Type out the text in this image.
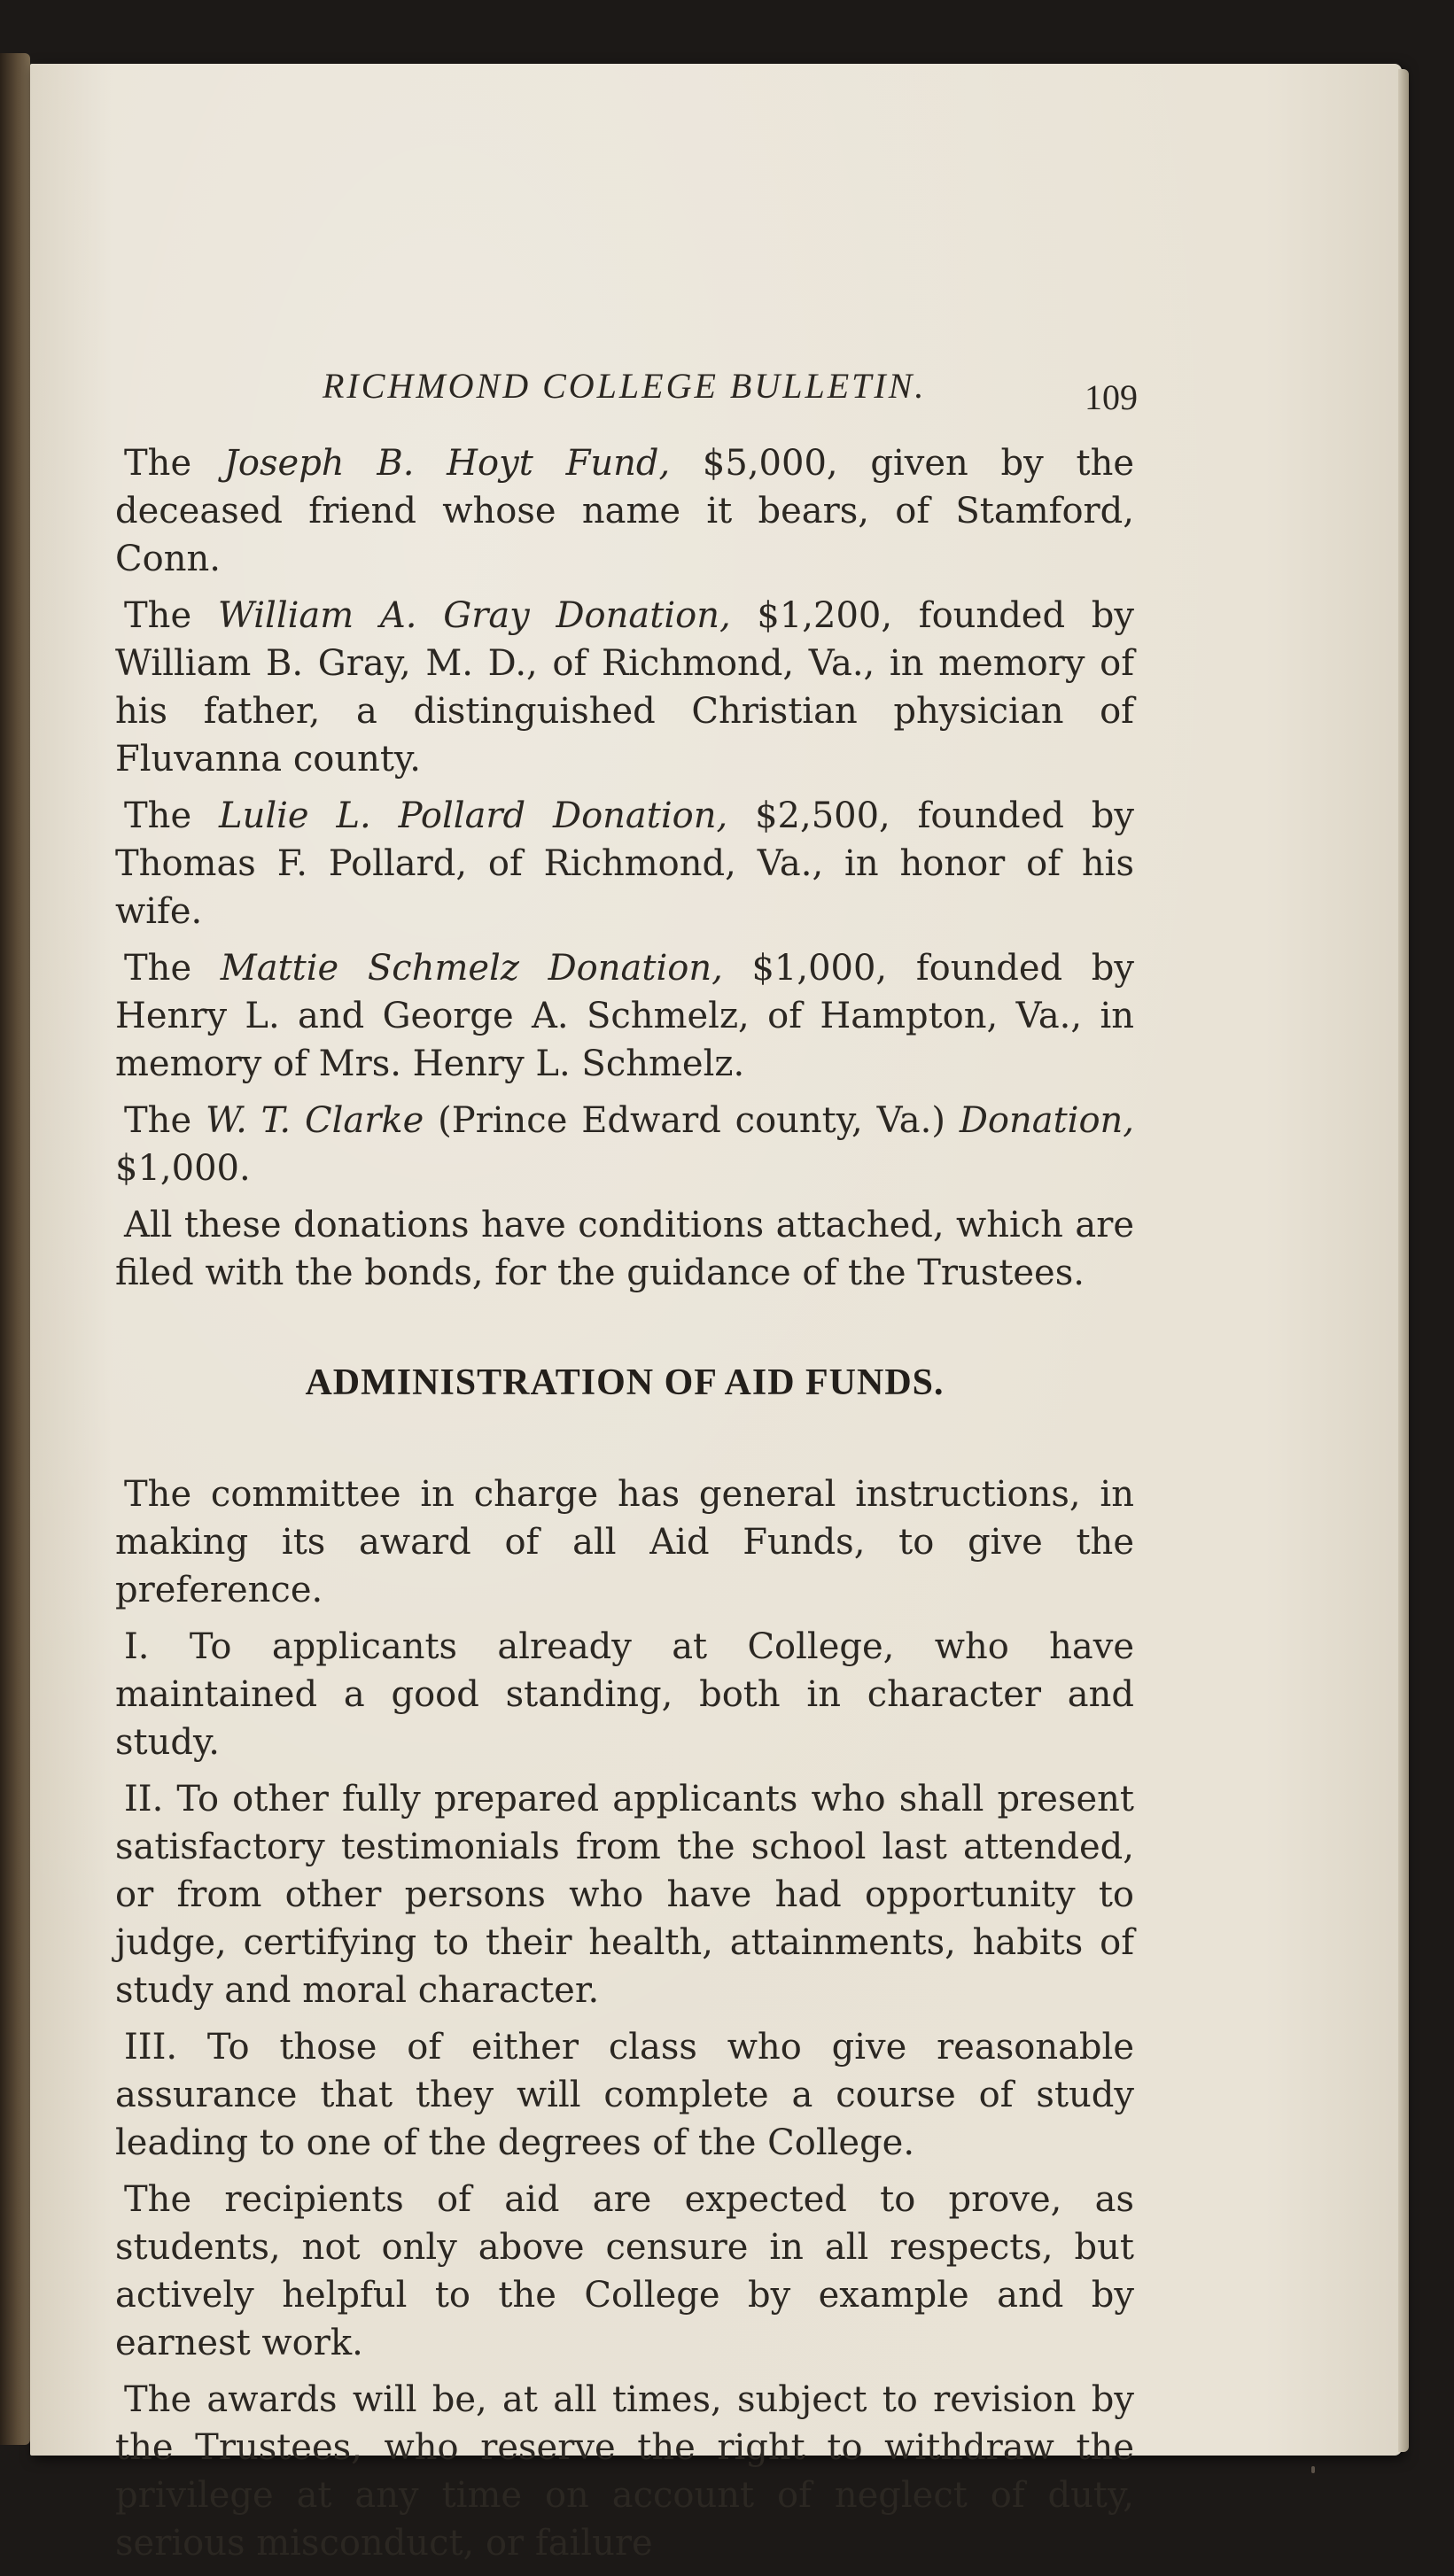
RICHMOND COLLEGE BULLETIN.	109

The Joseph B. Hoyt Fund, $5,000, given by the deceased friend whose name it bears, of Stamford, Conn.

The William A. Gray Donation, $1,200, founded by William B. Gray, M. D., of Richmond, Va., in memory of his father, a distinguished Christian physician of Fluvanna county.

The Lulie L. Pollard Donation, $2,500, founded by Thomas F. Pollard, of Richmond, Va., in honor of his wife.

The Mattie Schmelz Donation, $1,000, founded by Henry L. and George A. Schmelz, of Hampton, Va., in memory of Mrs. Henry L. Schmelz.

The W. T. Clarke (Prince Edward county, Va.) Donation, $1,000.

All these donations have conditions attached, which are filed with the bonds, for the guidance of the Trustees.

ADMINISTRATION OF AID FUNDS.

The committee in charge has general instructions, in making its award of all Aid Funds, to give the preference.

I. To applicants already at College, who have maintained a good standing, both in character and study.

II. To other fully prepared applicants who shall present satisfactory testimonials from the school last attended, or from other persons who have had opportunity to judge, certifying to their health, attainments, habits of study and moral character.

III. To those of either class who give reasonable assurance that they will complete a course of study leading to one of the degrees of the College.

The recipients of aid are expected to prove, as students, not only above censure in all respects, but actively helpful to the College by example and by earnest work.

The awards will be, at all times, subject to revision by the Trustees, who reserve the right to withdraw the privilege at any time on account of neglect of duty, serious misconduct, or failure
